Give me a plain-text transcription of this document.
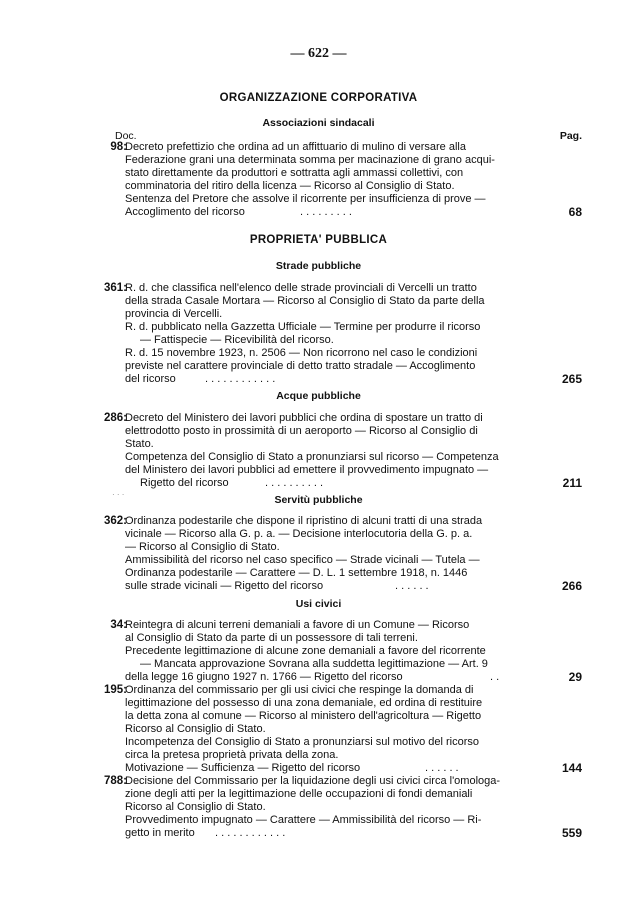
— 622 —
ORGANIZZAZIONE CORPORATIVA
Associazioni sindacali
Doc.	Pag.
98:
Decreto prefettizio che ordina ad un affittuario di mulino di versare alla
Federazione grani una determinata somma per macinazione di grano acqui-
stato direttamente da produttori e sottratta agli ammassi collettivi, con
comminatoria del ritiro della licenza — Ricorso al Consiglio di Stato.
Sentenza del Pretore che assolve il ricorrente per insufficienza di prove —
Accoglimento del ricorso	. . . . . . . . .	68
PROPRIETA' PUBBLICA
Strade pubbliche
361:
R. d. che classifica nell'elenco delle strade provinciali di Vercelli un tratto
della strada Casale Mortara — Ricorso al Consiglio di Stato da parte della
provincia di Vercelli.
R. d. pubblicato nella Gazzetta Ufficiale — Termine per produrre il ricorso
— Fattispecie — Ricevibilità del ricorso.
R. d. 15 novembre 1923, n. 2506 — Non ricorrono nel caso le condizioni
previste nel carattere provinciale di detto tratto stradale — Accoglimento
del ricorso	. . . . . . . . . . . .	265
Acque pubbliche
286:
Decreto del Ministero dei lavori pubblici che ordina di spostare un tratto di
elettrodotto posto in prossimità di un aeroporto — Ricorso al Consiglio di
Stato.
Competenza del Consiglio di Stato a pronunziarsi sul ricorso — Competenza
del Ministero dei lavori pubblici ad emettere il provvedimento impugnato —
Rigetto del ricorso	. . . . . . . . . .	211
· · ·	Servitù pubbliche
362:
Ordinanza podestarile che dispone il ripristino di alcuni tratti di una strada
vicinale — Ricorso alla G. p. a. — Decisione interlocutoria della G. p. a.
— Ricorso al Consiglio di Stato.
Ammissibilità del ricorso nel caso specifico — Strade vicinali — Tutela —
Ordinanza podestarile — Carattere — D. L. 1 settembre 1918, n. 1446
sulle strade vicinali — Rigetto del ricorso	. . . . . .	266
Usi civici
34:
Reintegra di alcuni terreni demaniali a favore di un Comune — Ricorso
al Consiglio di Stato da parte di un possessore di tali terreni.
Precedente legittimazione di alcune zone demaniali a favore del ricorrente
— Mancata approvazione Sovrana alla suddetta legittimazione — Art. 9
della legge 16 giugno 1927 n. 1766 — Rigetto del ricorso	. .	29
195:
Ordinanza del commissario per gli usi civici che respinge la domanda di
legittimazione del possesso di una zona demaniale, ed ordina di restituire
la detta zona al comune — Ricorso al ministero dell'agricoltura — Rigetto
Ricorso al Consiglio di Stato.
Incompetenza del Consiglio di Stato a pronunziarsi sul motivo del ricorso
circa la pretesa proprietà privata della zona.
Motivazione — Sufficienza — Rigetto del ricorso	. . . . . .	144
788:
Decisione del Commissario per la liquidazione degli usi civici circa l'omologa-
zione degli atti per la legittimazione delle occupazioni di fondi demaniali
Ricorso al Consiglio di Stato.
Provvedimento impugnato — Carattere — Ammissibilità del ricorso — Ri-
getto in merito	. . . . . . . . . . . .	559
